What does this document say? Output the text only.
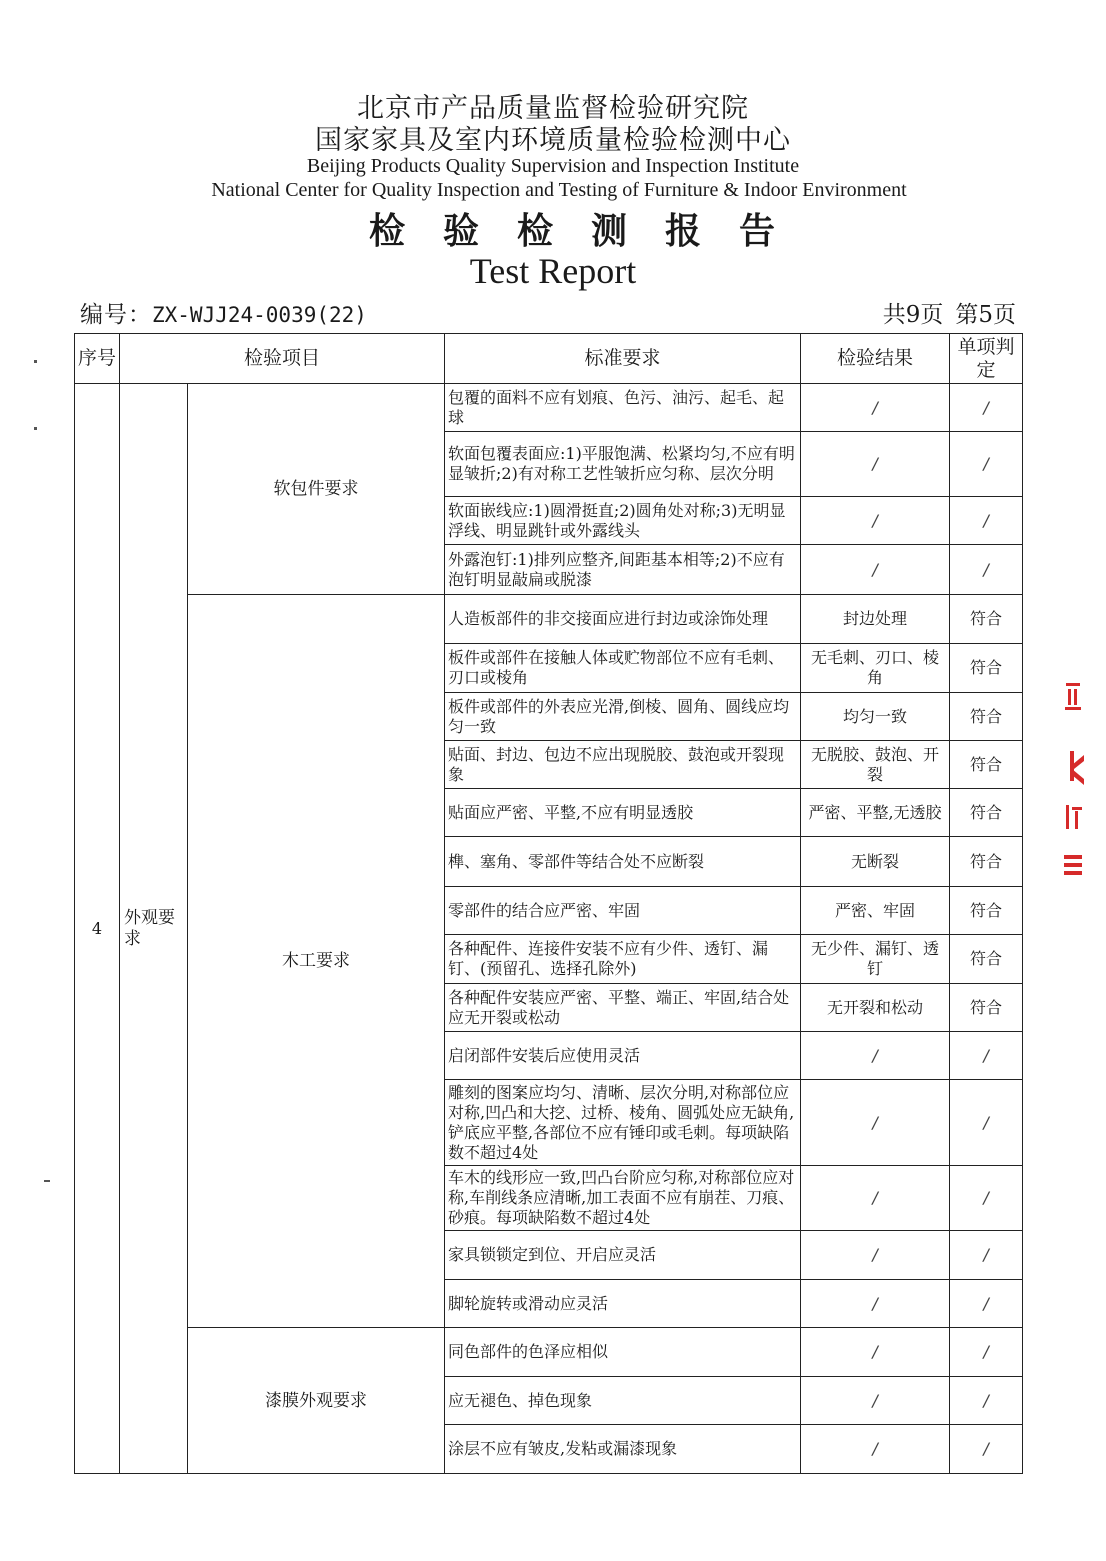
北京市产品质量监督检验研究院
国家家具及室内环境质量检验检测中心
Beijing Products Quality Supervision and Inspection Institute
National Center for Quality Inspection and Testing of Furniture & Indoor Environment
检验检测报告
Test Report
编号：ZX-WJJ24-0039(22)	共9页 第5页
序号	检验项目		标准要求	检验结果	单项判定
4	外观要求	软包件要求	包覆的面料不应有划痕、色污、油污、起毛、起球	/	/
			软面包覆表面应:1)平服饱满、松紧均匀,不应有明显皱折;2)有对称工艺性皱折应匀称、层次分明	/	/
			软面嵌线应:1)圆滑挺直;2)圆角处对称;3)无明显浮线、明显跳针或外露线头	/	/
			外露泡钉:1)排列应整齐,间距基本相等;2)不应有泡钉明显敲扁或脱漆	/	/
		木工要求	人造板部件的非交接面应进行封边或涂饰处理	封边处理	符合
			板件或部件在接触人体或贮物部位不应有毛刺、刃口或棱角	无毛刺、刃口、棱角	符合
			板件或部件的外表应光滑,倒棱、圆角、圆线应均匀一致	均匀一致	符合
			贴面、封边、包边不应出现脱胶、鼓泡或开裂现象	无脱胶、鼓泡、开裂	符合
			贴面应严密、平整,不应有明显透胶	严密、平整,无透胶	符合
			榫、塞角、零部件等结合处不应断裂	无断裂	符合
			零部件的结合应严密、牢固	严密、牢固	符合
			各种配件、连接件安装不应有少件、透钉、漏钉、(预留孔、选择孔除外)	无少件、漏钉、透钉	符合
			各种配件安装应严密、平整、端正、牢固,结合处应无开裂或松动	无开裂和松动	符合
			启闭部件安装后应使用灵活	/	/
			雕刻的图案应均匀、清晰、层次分明,对称部位应对称,凹凸和大挖、过桥、棱角、圆弧处应无缺角,铲底应平整,各部位不应有锤印或毛刺。每项缺陷数不超过4处	/	/
			车木的线形应一致,凹凸台阶应匀称,对称部位应对称,车削线条应清晰,加工表面不应有崩茬、刀痕、砂痕。每项缺陷数不超过4处	/	/
			家具锁锁定到位、开启应灵活	/	/
			脚轮旋转或滑动应灵活	/	/
		漆膜外观要求	同色部件的色泽应相似	/	/
			应无褪色、掉色现象	/	/
			涂层不应有皱皮,发粘或漏漆现象	/	/
